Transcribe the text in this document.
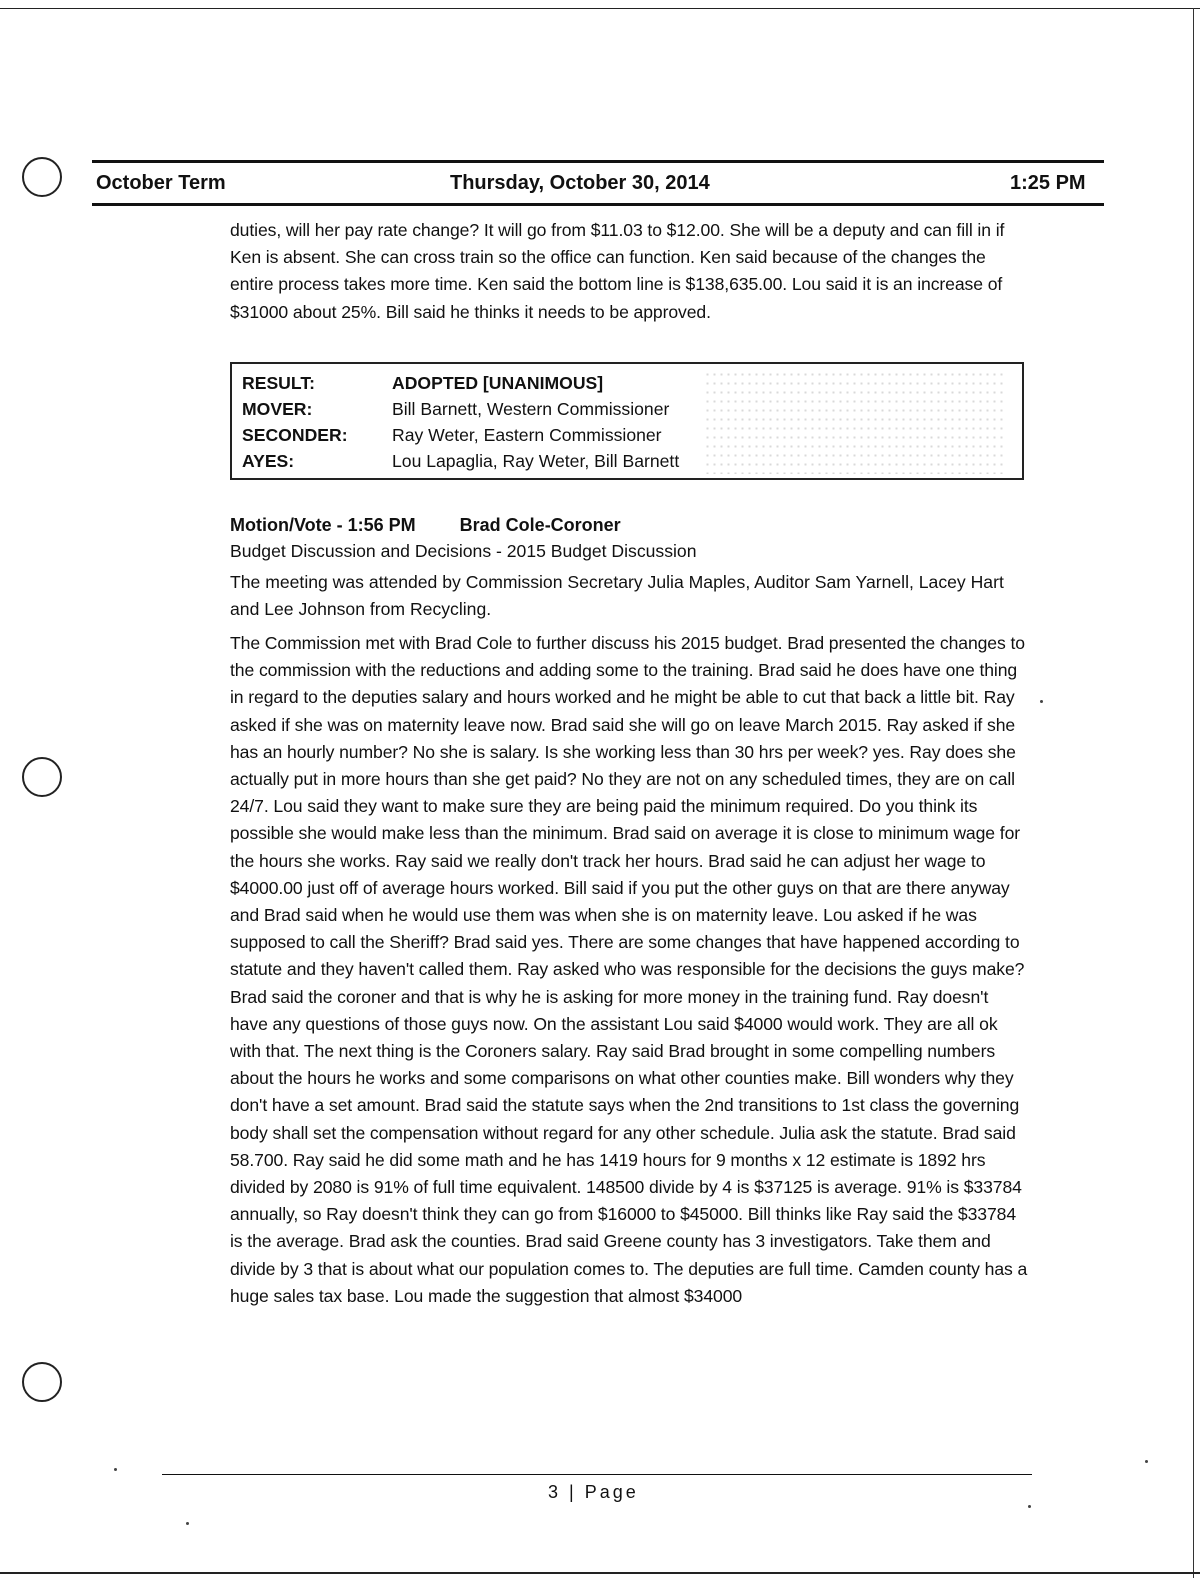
October Term	Thursday, October 30, 2014	1:25 PM
duties, will her pay rate change? It will go from $11.03 to $12.00. She will be a deputy and can fill in if Ken is absent. She can cross train so the office can function. Ken said because of the changes the entire process takes more time. Ken said the bottom line is $138,635.00. Lou said it is an increase of $31000 about 25%. Bill said he thinks it needs to be approved.
RESULT:	ADOPTED [UNANIMOUS]
MOVER:	Bill Barnett, Western Commissioner
SECONDER:	Ray Weter, Eastern Commissioner
AYES:	Lou Lapaglia, Ray Weter, Bill Barnett
Motion/Vote - 1:56 PM Brad Cole-Coroner
Budget Discussion and Decisions - 2015 Budget Discussion
The meeting was attended by Commission Secretary Julia Maples, Auditor Sam Yarnell, Lacey Hart and Lee Johnson from Recycling.
The Commission met with Brad Cole to further discuss his 2015 budget. Brad presented the changes to the commission with the reductions and adding some to the training. Brad said he does have one thing in regard to the deputies salary and hours worked and he might be able to cut that back a little bit. Ray asked if she was on maternity leave now. Brad said she will go on leave March 2015. Ray asked if she has an hourly number? No she is salary. Is she working less than 30 hrs per week? yes. Ray does she actually put in more hours than she get paid? No they are not on any scheduled times, they are on call 24/7. Lou said they want to make sure they are being paid the minimum required. Do you think its possible she would make less than the minimum. Brad said on average it is close to minimum wage for the hours she works. Ray said we really don't track her hours. Brad said he can adjust her wage to $4000.00 just off of average hours worked. Bill said if you put the other guys on that are there anyway and Brad said when he would use them was when she is on maternity leave. Lou asked if he was supposed to call the Sheriff? Brad said yes. There are some changes that have happened according to statute and they haven't called them. Ray asked who was responsible for the decisions the guys make? Brad said the coroner and that is why he is asking for more money in the training fund. Ray doesn't have any questions of those guys now. On the assistant Lou said $4000 would work. They are all ok with that. The next thing is the Coroners salary. Ray said Brad brought in some compelling numbers about the hours he works and some comparisons on what other counties make. Bill wonders why they don't have a set amount. Brad said the statute says when the 2nd transitions to 1st class the governing body shall set the compensation without regard for any other schedule. Julia ask the statute. Brad said 58.700. Ray said he did some math and he has 1419 hours for 9 months x 12 estimate is 1892 hrs divided by 2080 is 91% of full time equivalent. 148500 divide by 4 is $37125 is average. 91% is $33784 annually, so Ray doesn't think they can go from $16000 to $45000. Bill thinks like Ray said the $33784 is the average. Brad ask the counties. Brad said Greene county has 3 investigators. Take them and divide by 3 that is about what our population comes to. The deputies are full time. Camden county has a huge sales tax base. Lou made the suggestion that almost $34000
3 | Page
